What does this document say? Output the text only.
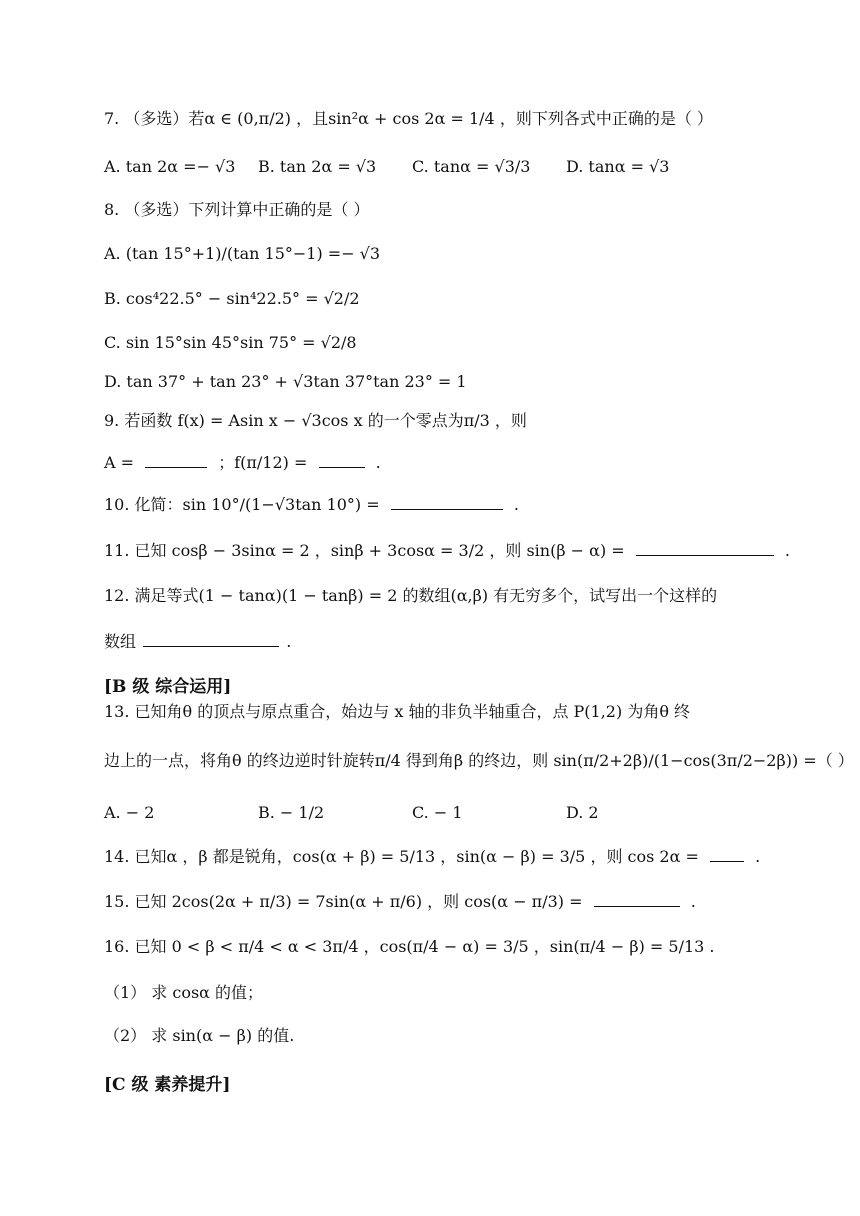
7. （多选）若α ∈ (0,π/2) ，且sin²α + cos 2α = 1/4 ，则下列各式中正确的是（ ）
A. tan 2α =− √3 B. tan 2α = √3 C. tanα = √3/3 D. tanα = √3
8. （多选）下列计算中正确的是（ ）
A. (tan 15°+1)/(tan 15°−1) =− √3
B. cos⁴22.5° − sin⁴22.5° = √2/2
C. sin 15°sin 45°sin 75° = √2/8
D. tan 37° + tan 23° + √3tan 37°tan 23° = 1
9. 若函数 f(x) = Asin x − √3cos x 的一个零点为π/3 ，则
A =	；f(π/12) =	.
10. 化简：sin 10°/(1−√3tan 10°) =	.
11. 已知 cosβ − 3sinα = 2 ，sinβ + 3cosα = 3/2 ，则 sin(β − α) =	.
12. 满足等式(1 − tanα)(1 − tanβ) = 2 的数组(α,β) 有无穷多个，试写出一个这样的
数组	.
[B 级 综合运用]
13. 已知角θ 的顶点与原点重合，始边与 x 轴的非负半轴重合，点 P(1,2) 为角θ 终
边上的一点，将角θ 的终边逆时针旋转π/4 得到角β 的终边，则 sin(π/2+2β)/(1−cos(3π/2−2β)) =（ ）
A. − 2	B. − 1/2	C. − 1	D. 2
14. 已知α ，β 都是锐角，cos(α + β) = 5/13 ，sin(α − β) = 3/5 ，则 cos 2α =	.
15. 已知 2cos(2α + π/3) = 7sin(α + π/6) ，则 cos(α − π/3) =	.
16. 已知 0 < β < π/4 < α < 3π/4 ，cos(π/4 − α) = 3/5 ，sin(π/4 − β) = 5/13 .
（1） 求 cosα 的值；
（2） 求 sin(α − β) 的值.
[C 级 素养提升]
